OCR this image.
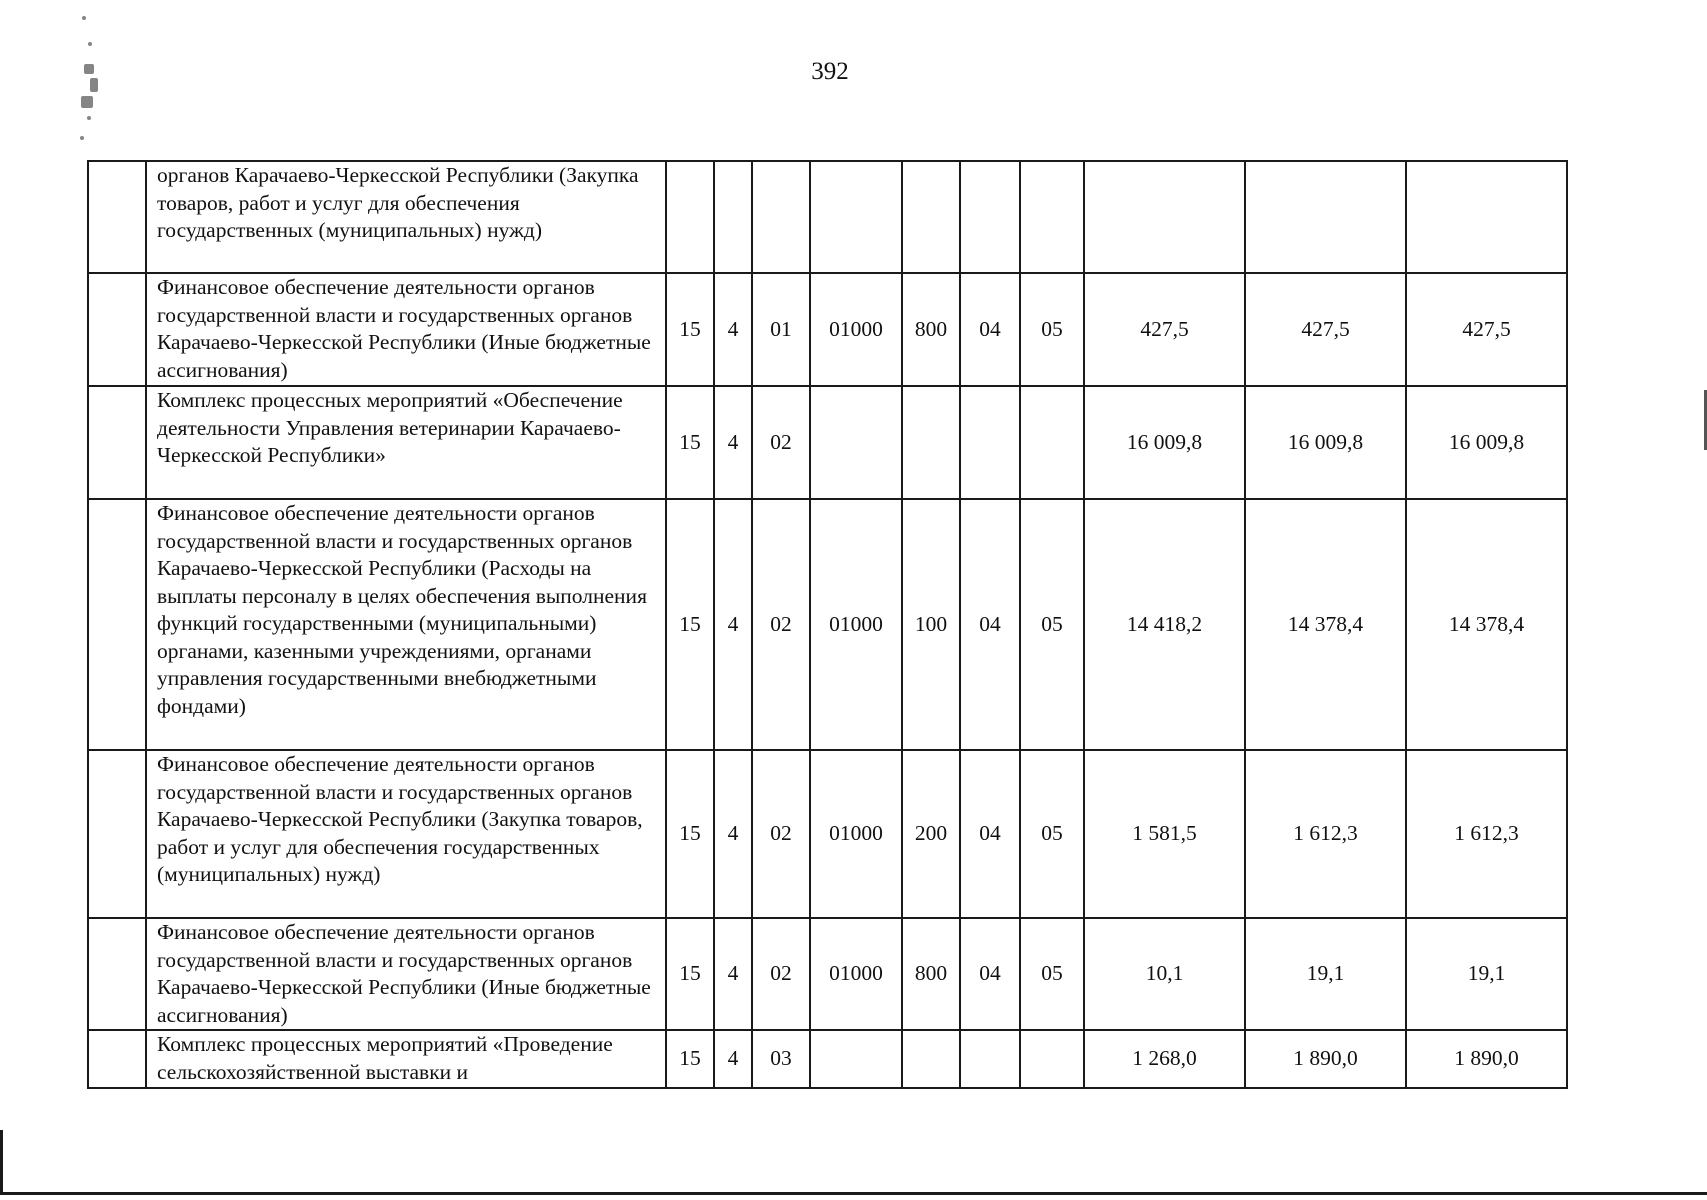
392
	органов Карачаево-Черкесской Республики (Закупка товаров, работ и услуг для обеспечения государственных (муниципальных) нужд)										
	Финансовое обеспечение деятельности органов государственной власти и государственных органов Карачаево-Черкесской Республики (Иные бюджетные ассигнования)	15	4	01	01000	800	04	05	427,5	427,5	427,5
	Комплекс процессных мероприятий «Обеспечение деятельности Управления ветеринарии Карачаево-Черкесской Республики»	15	4	02					16 009,8	16 009,8	16 009,8
	Финансовое обеспечение деятельности органов государственной власти и государственных органов Карачаево-Черкесской Республики (Расходы на выплаты персоналу в целях обеспечения выполнения функций государственными (муниципальными) органами, казенными учреждениями, органами управления государственными внебюджетными фондами)	15	4	02	01000	100	04	05	14 418,2	14 378,4	14 378,4
	Финансовое обеспечение деятельности органов государственной власти и государственных органов Карачаево-Черкесской Республики (Закупка товаров, работ и услуг для обеспечения государственных (муниципальных) нужд)	15	4	02	01000	200	04	05	1 581,5	1 612,3	1 612,3
	Финансовое обеспечение деятельности органов государственной власти и государственных органов Карачаево-Черкесской Республики (Иные бюджетные ассигнования)	15	4	02	01000	800	04	05	10,1	19,1	19,1
	Комплекс процессных мероприятий «Проведение сельскохозяйственной выставки и	15	4	03					1 268,0	1 890,0	1 890,0
